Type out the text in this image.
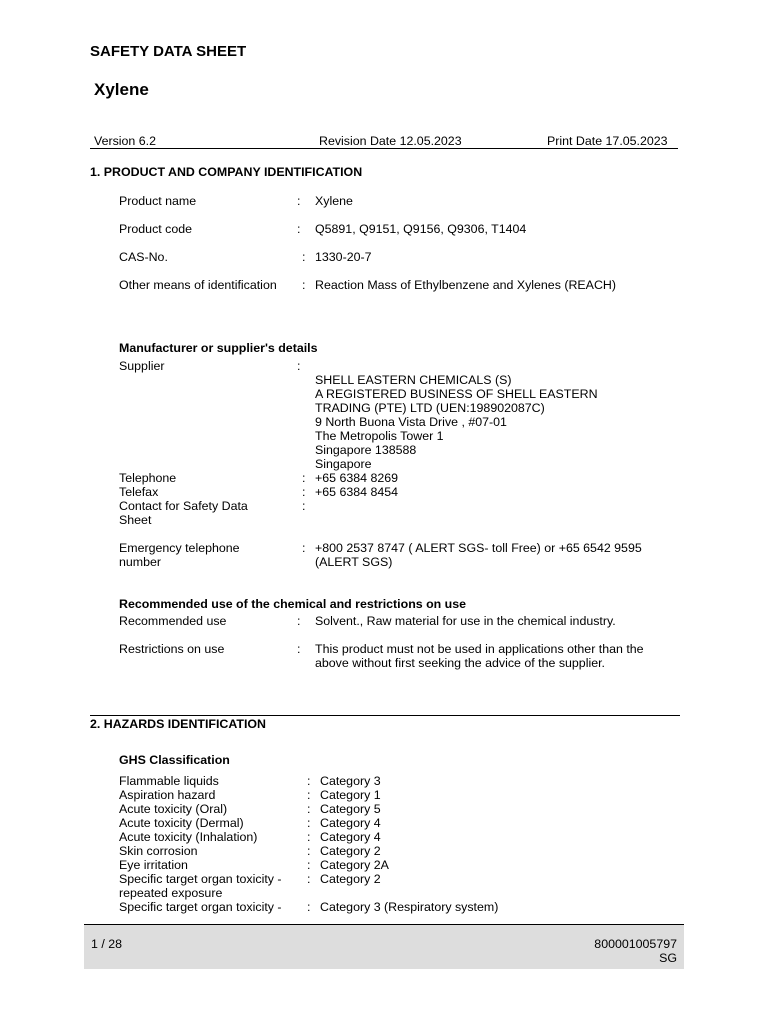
SAFETY DATA SHEET
Xylene
Version 6.2	Revision Date 12.05.2023	Print Date 17.05.2023
1. PRODUCT AND COMPANY IDENTIFICATION
Product name	: Xylene
Product code	: Q5891, Q9151, Q9156, Q9306, T1404
CAS-No.	: 1330-20-7
Other means of identification : Reaction Mass of Ethylbenzene and Xylenes (REACH)
Manufacturer or supplier's details
Supplier	:
SHELL EASTERN CHEMICALS (S)
A REGISTERED BUSINESS OF SHELL EASTERN
TRADING (PTE) LTD (UEN:198902087C)
9 North Buona Vista Drive , #07-01
The Metropolis Tower 1
Singapore 138588
Singapore
Telephone	: +65 6384 8269
Telefax	: +65 6384 8454
Contact for Safety Data	:
Sheet
Emergency telephone	: +800 2537 8747 ( ALERT SGS- toll Free) or +65 6542 9595
number	(ALERT SGS)
Recommended use of the chemical and restrictions on use
Recommended use	: Solvent., Raw material for use in the chemical industry.
Restrictions on use	: This product must not be used in applications other than the
above without first seeking the advice of the supplier.
2. HAZARDS IDENTIFICATION
GHS Classification
Flammable liquids	: Category 3
Aspiration hazard	: Category 1
Acute toxicity (Oral)	: Category 5
Acute toxicity (Dermal)	: Category 4
Acute toxicity (Inhalation)	: Category 4
Skin corrosion	: Category 2
Eye irritation	: Category 2A
Specific target organ toxicity - : Category 2
repeated exposure
Specific target organ toxicity - : Category 3 (Respiratory system)
1 / 28	800001005797
SG
